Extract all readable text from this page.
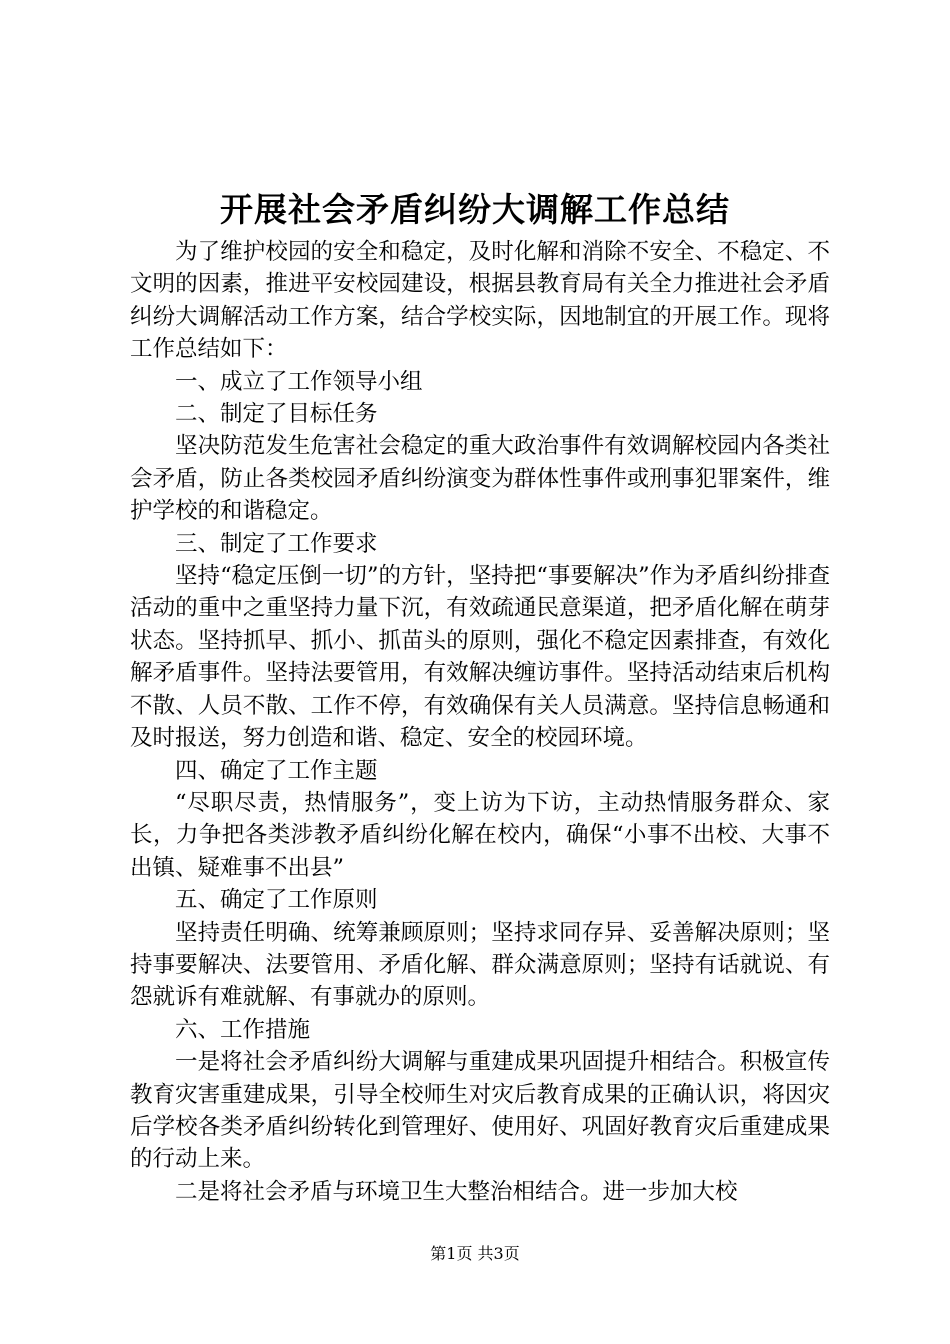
开展社会矛盾纠纷大调解工作总结

为了维护校园的安全和稳定，及时化解和消除不安全、不稳定、不文明的因素，推进平安校园建设，根据县教育局有关全力推进社会矛盾纠纷大调解活动工作方案，结合学校实际，因地制宜的开展工作。现将工作总结如下：

一、成立了工作领导小组

二、制定了目标任务

坚决防范发生危害社会稳定的重大政治事件有效调解校园内各类社会矛盾，防止各类校园矛盾纠纷演变为群体性事件或刑事犯罪案件，维护学校的和谐稳定。

三、制定了工作要求

坚持“稳定压倒一切”的方针，坚持把“事要解决”作为矛盾纠纷排查活动的重中之重坚持力量下沉，有效疏通民意渠道，把矛盾化解在萌芽状态。坚持抓早、抓小、抓苗头的原则，强化不稳定因素排查，有效化解矛盾事件。坚持法要管用，有效解决缠访事件。坚持活动结束后机构不散、人员不散、工作不停，有效确保有关人员满意。坚持信息畅通和及时报送，努力创造和谐、稳定、安全的校园环境。

四、确定了工作主题

“尽职尽责，热情服务”，变上访为下访，主动热情服务群众、家长，力争把各类涉教矛盾纠纷化解在校内，确保“小事不出校、大事不出镇、疑难事不出县”

五、确定了工作原则

坚持责任明确、统筹兼顾原则；坚持求同存异、妥善解决原则；坚持事要解决、法要管用、矛盾化解、群众满意原则；坚持有话就说、有怨就诉有难就解、有事就办的原则。

六、工作措施

一是将社会矛盾纠纷大调解与重建成果巩固提升相结合。积极宣传教育灾害重建成果，引导全校师生对灾后教育成果的正确认识，将因灾后学校各类矛盾纠纷转化到管理好、使用好、巩固好教育灾后重建成果的行动上来。

二是将社会矛盾与环境卫生大整治相结合。进一步加大校

第1页 共3页
